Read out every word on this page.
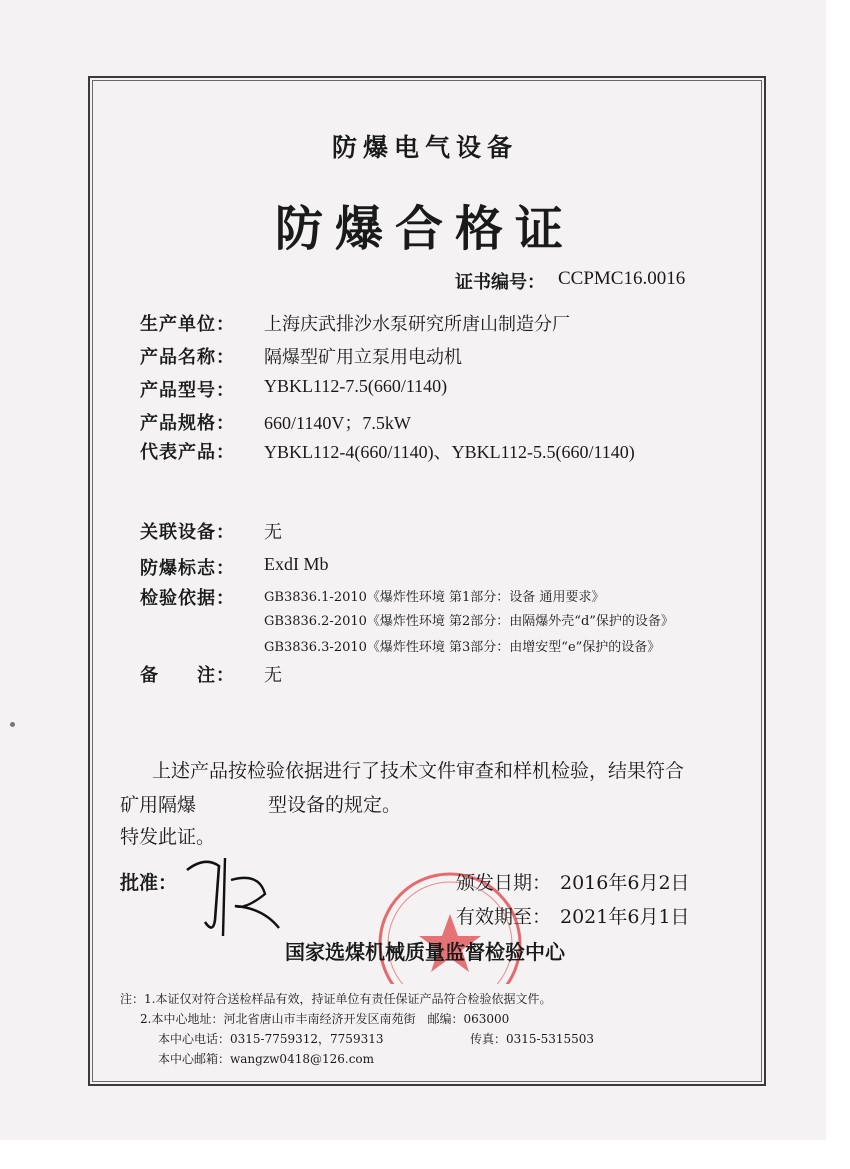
防爆电气设备
防爆合格证
证书编号： CCPMC16.0016
生产单位： 上海庆武排沙水泵研究所唐山制造分厂
产品名称： 隔爆型矿用立泵用电动机
产品型号： YBKL112-7.5(660/1140)
产品规格： 660/1140V；7.5kW
代表产品： YBKL112-4(660/1140)、YBKL112-5.5(660/1140)
关联设备： 无
防爆标志： ExdI Mb
检验依据： GB3836.1-2010《爆炸性环境 第1部分：设备 通用要求》
GB3836.2-2010《爆炸性环境 第2部分：由隔爆外壳“d”保护的设备》
GB3836.3-2010《爆炸性环境 第3部分：由增安型“e”保护的设备》
备　　注： 无
上述产品按检验依据进行了技术文件审查和样机检验，结果符合
矿用隔爆	型设备的规定。
特发此证。
批准：	颁发日期： 2016年6月2日
有效期至： 2021年6月1日
国家选煤机械质量监督检验中心
注：1.本证仅对符合送检样品有效，持证单位有责任保证产品符合检验依据文件。
2.本中心地址：河北省唐山市丰南经济开发区南苑街　邮编：063000
本中心电话：0315-7759312，7759313	传真：0315-5315503
本中心邮箱：wangzw0418@126.com
